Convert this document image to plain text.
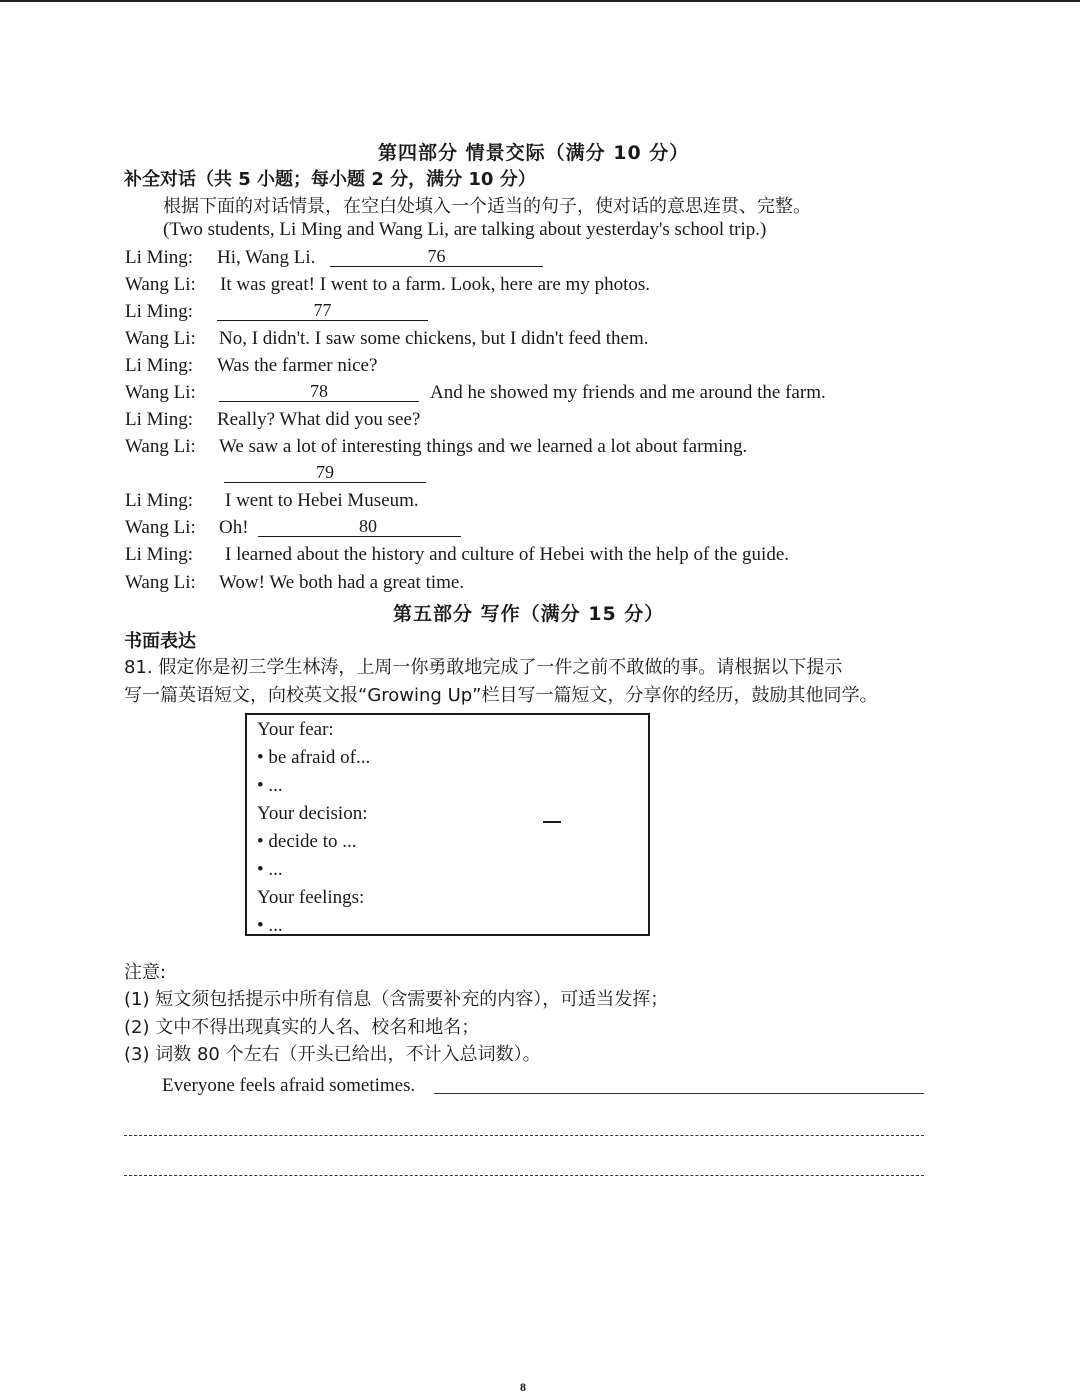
第四部分 情景交际（满分 10 分）
补全对话（共 5 小题；每小题 2 分，满分 10 分）
根据下面的对话情景，在空白处填入一个适当的句子，使对话的意思连贯、完整。
(Two students, Li Ming and Wang Li, are talking about yesterday's school trip.)
Li Ming: Hi, Wang Li.	76
Wang Li: It was great! I went to a farm. Look, here are my photos.
Li Ming:	77
Wang Li: No, I didn't. I saw some chickens, but I didn't feed them.
Li Ming: Was the farmer nice?
Wang Li:	78	And he showed my friends and me around the farm.
Li Ming: Really? What did you see?
Wang Li: We saw a lot of interesting things and we learned a lot about farming.
79
Li Ming: I went to Hebei Museum.
Wang Li: Oh!	80
Li Ming: I learned about the history and culture of Hebei with the help of the guide.
Wang Li: Wow! We both had a great time.
第五部分 写作（满分 15 分）
书面表达
81. 假定你是初三学生林涛，上周一你勇敢地完成了一件之前不敢做的事。请根据以下提示
写一篇英语短文，向校英文报“Growing Up”栏目写一篇短文，分享你的经历，鼓励其他同学。
Your fear:
• be afraid of...
• ...
Your decision:
• decide to ...
• ...
Your feelings:
• ...
注意:
(1) 短文须包括提示中所有信息（含需要补充的内容），可适当发挥；
(2) 文中不得出现真实的人名、校名和地名；
(3) 词数 80 个左右（开头已给出，不计入总词数）。
Everyone feels afraid sometimes.
8
